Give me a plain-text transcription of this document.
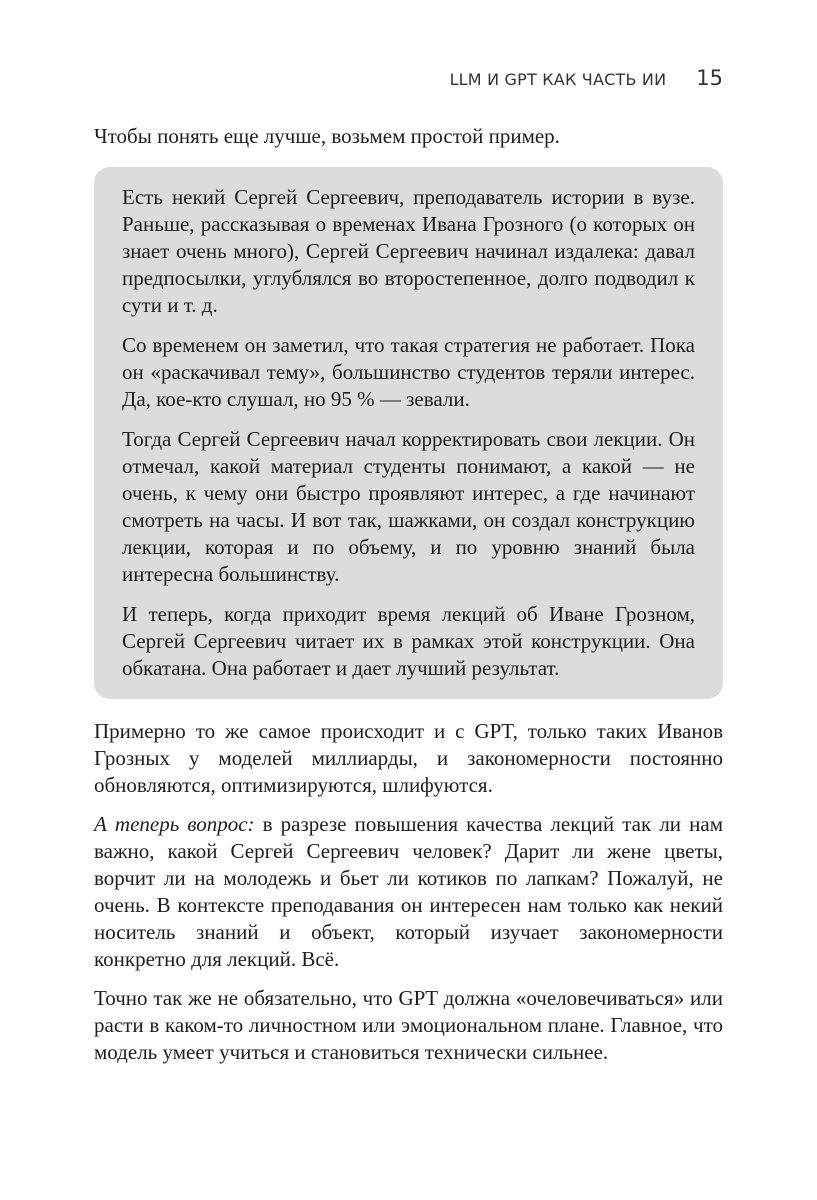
LLM И GPT КАК ЧАСТЬ ИИ 15

Чтобы понять еще лучше, возьмем простой пример.

Есть некий Сергей Сергеевич, преподаватель истории в вузе. Раньше, рассказывая о временах Ивана Грозного (о которых он знает очень много), Сергей Сергеевич начинал издалека: давал предпосылки, углублялся во второстепенное, долго подводил к сути и т. д.

Со временем он заметил, что такая стратегия не работает. Пока он «раскачивал тему», большинство студентов теряли интерес. Да, кое-кто слушал, но 95 % — зевали.

Тогда Сергей Сергеевич начал корректировать свои лекции. Он отмечал, какой материал студенты понимают, а какой — не очень, к чему они быстро проявляют интерес, а где начинают смотреть на часы. И вот так, шажками, он создал конструкцию лекции, которая и по объему, и по уровню знаний была интересна большинству.

И теперь, когда приходит время лекций об Иване Грозном, Сергей Сергеевич читает их в рамках этой конструкции. Она обкатана. Она работает и дает лучший результат.

Примерно то же самое происходит и с GPT, только таких Иванов Грозных у моделей миллиарды, и закономерности постоянно обновляются, оптимизируются, шлифуются.

А теперь вопрос: в разрезе повышения качества лекций так ли нам важно, какой Сергей Сергеевич человек? Дарит ли жене цветы, ворчит ли на молодежь и бьет ли котиков по лапкам? Пожалуй, не очень. В контексте преподавания он интересен нам только как некий носитель знаний и объект, который изучает закономерности конкретно для лекций. Всё.

Точно так же не обязательно, что GPT должна «очеловечиваться» или расти в каком-то личностном или эмоциональном плане. Главное, что модель умеет учиться и становиться технически сильнее.
